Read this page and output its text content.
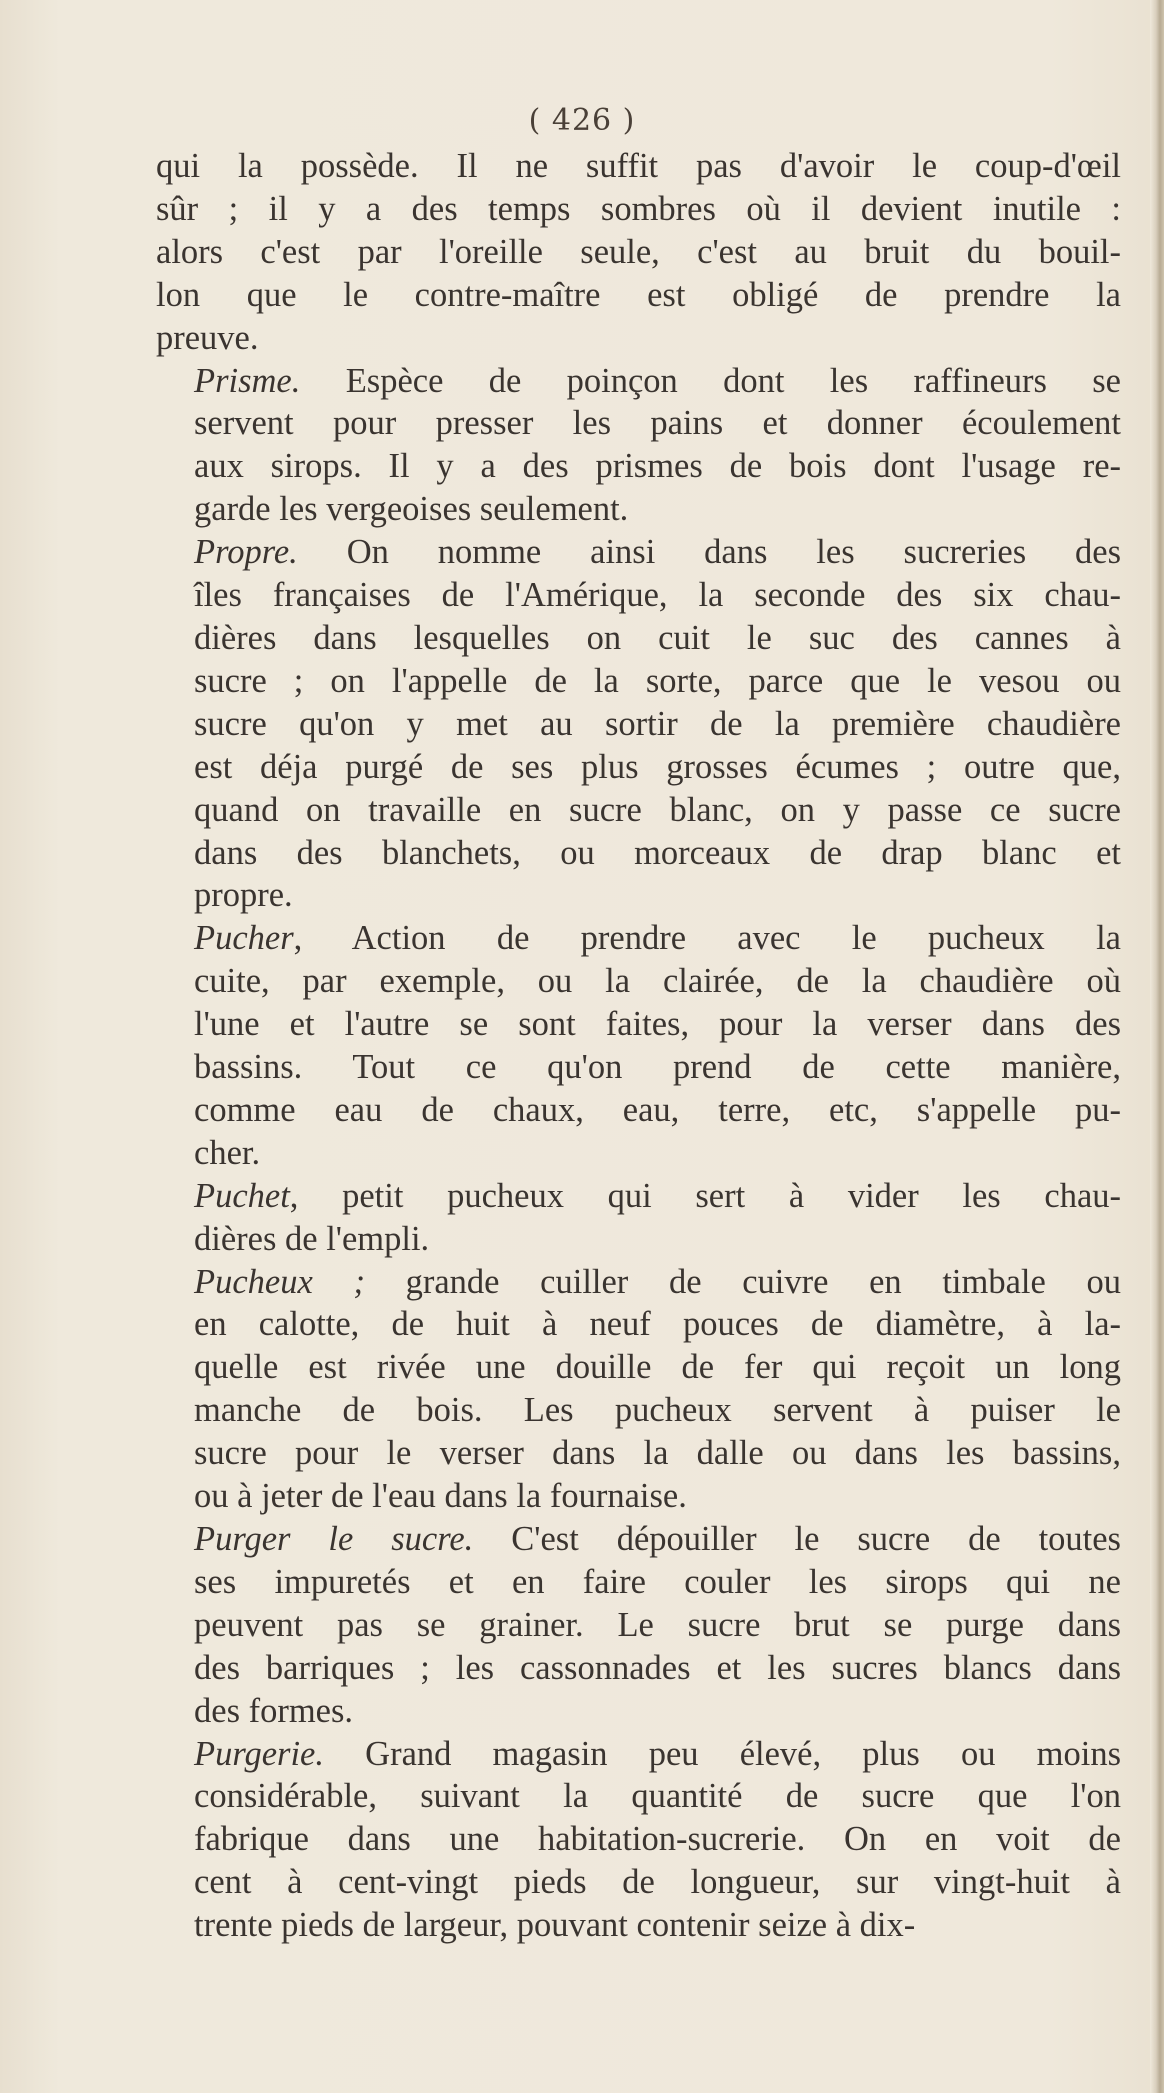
( 426 )
qui la possède. Il ne suffit pas d'avoir le coup-d'œil
sûr ; il y a des temps sombres où il devient inutile :
alors c'est par l'oreille seule, c'est au bruit du bouil-
lon que le contre-maître est obligé de prendre la
preuve.
Prisme. Espèce de poinçon dont les raffineurs se
servent pour presser les pains et donner écoulement
aux sirops. Il y a des prismes de bois dont l'usage re-
garde les vergeoises seulement.
Propre. On nomme ainsi dans les sucreries des
îles françaises de l'Amérique, la seconde des six chau-
dières dans lesquelles on cuit le suc des cannes à
sucre ; on l'appelle de la sorte, parce que le vesou ou
sucre qu'on y met au sortir de la première chaudière
est déja purgé de ses plus grosses écumes ; outre que,
quand on travaille en sucre blanc, on y passe ce sucre
dans des blanchets, ou morceaux de drap blanc et
propre.
Pucher, Action de prendre avec le pucheux la
cuite, par exemple, ou la clairée, de la chaudière où
l'une et l'autre se sont faites, pour la verser dans des
bassins. Tout ce qu'on prend de cette manière,
comme eau de chaux, eau, terre, etc, s'appelle pu-
cher.
Puchet, petit pucheux qui sert à vider les chau-
dières de l'empli.
Pucheux ; grande cuiller de cuivre en timbale ou
en calotte, de huit à neuf pouces de diamètre, à la-
quelle est rivée une douille de fer qui reçoit un long
manche de bois. Les pucheux servent à puiser le
sucre pour le verser dans la dalle ou dans les bassins,
ou à jeter de l'eau dans la fournaise.
Purger le sucre. C'est dépouiller le sucre de toutes
ses impuretés et en faire couler les sirops qui ne
peuvent pas se grainer. Le sucre brut se purge dans
des barriques ; les cassonnades et les sucres blancs dans
des formes.
Purgerie. Grand magasin peu élevé, plus ou moins
considérable, suivant la quantité de sucre que l'on
fabrique dans une habitation-sucrerie. On en voit de
cent à cent-vingt pieds de longueur, sur vingt-huit à
trente pieds de largeur, pouvant contenir seize à dix-
